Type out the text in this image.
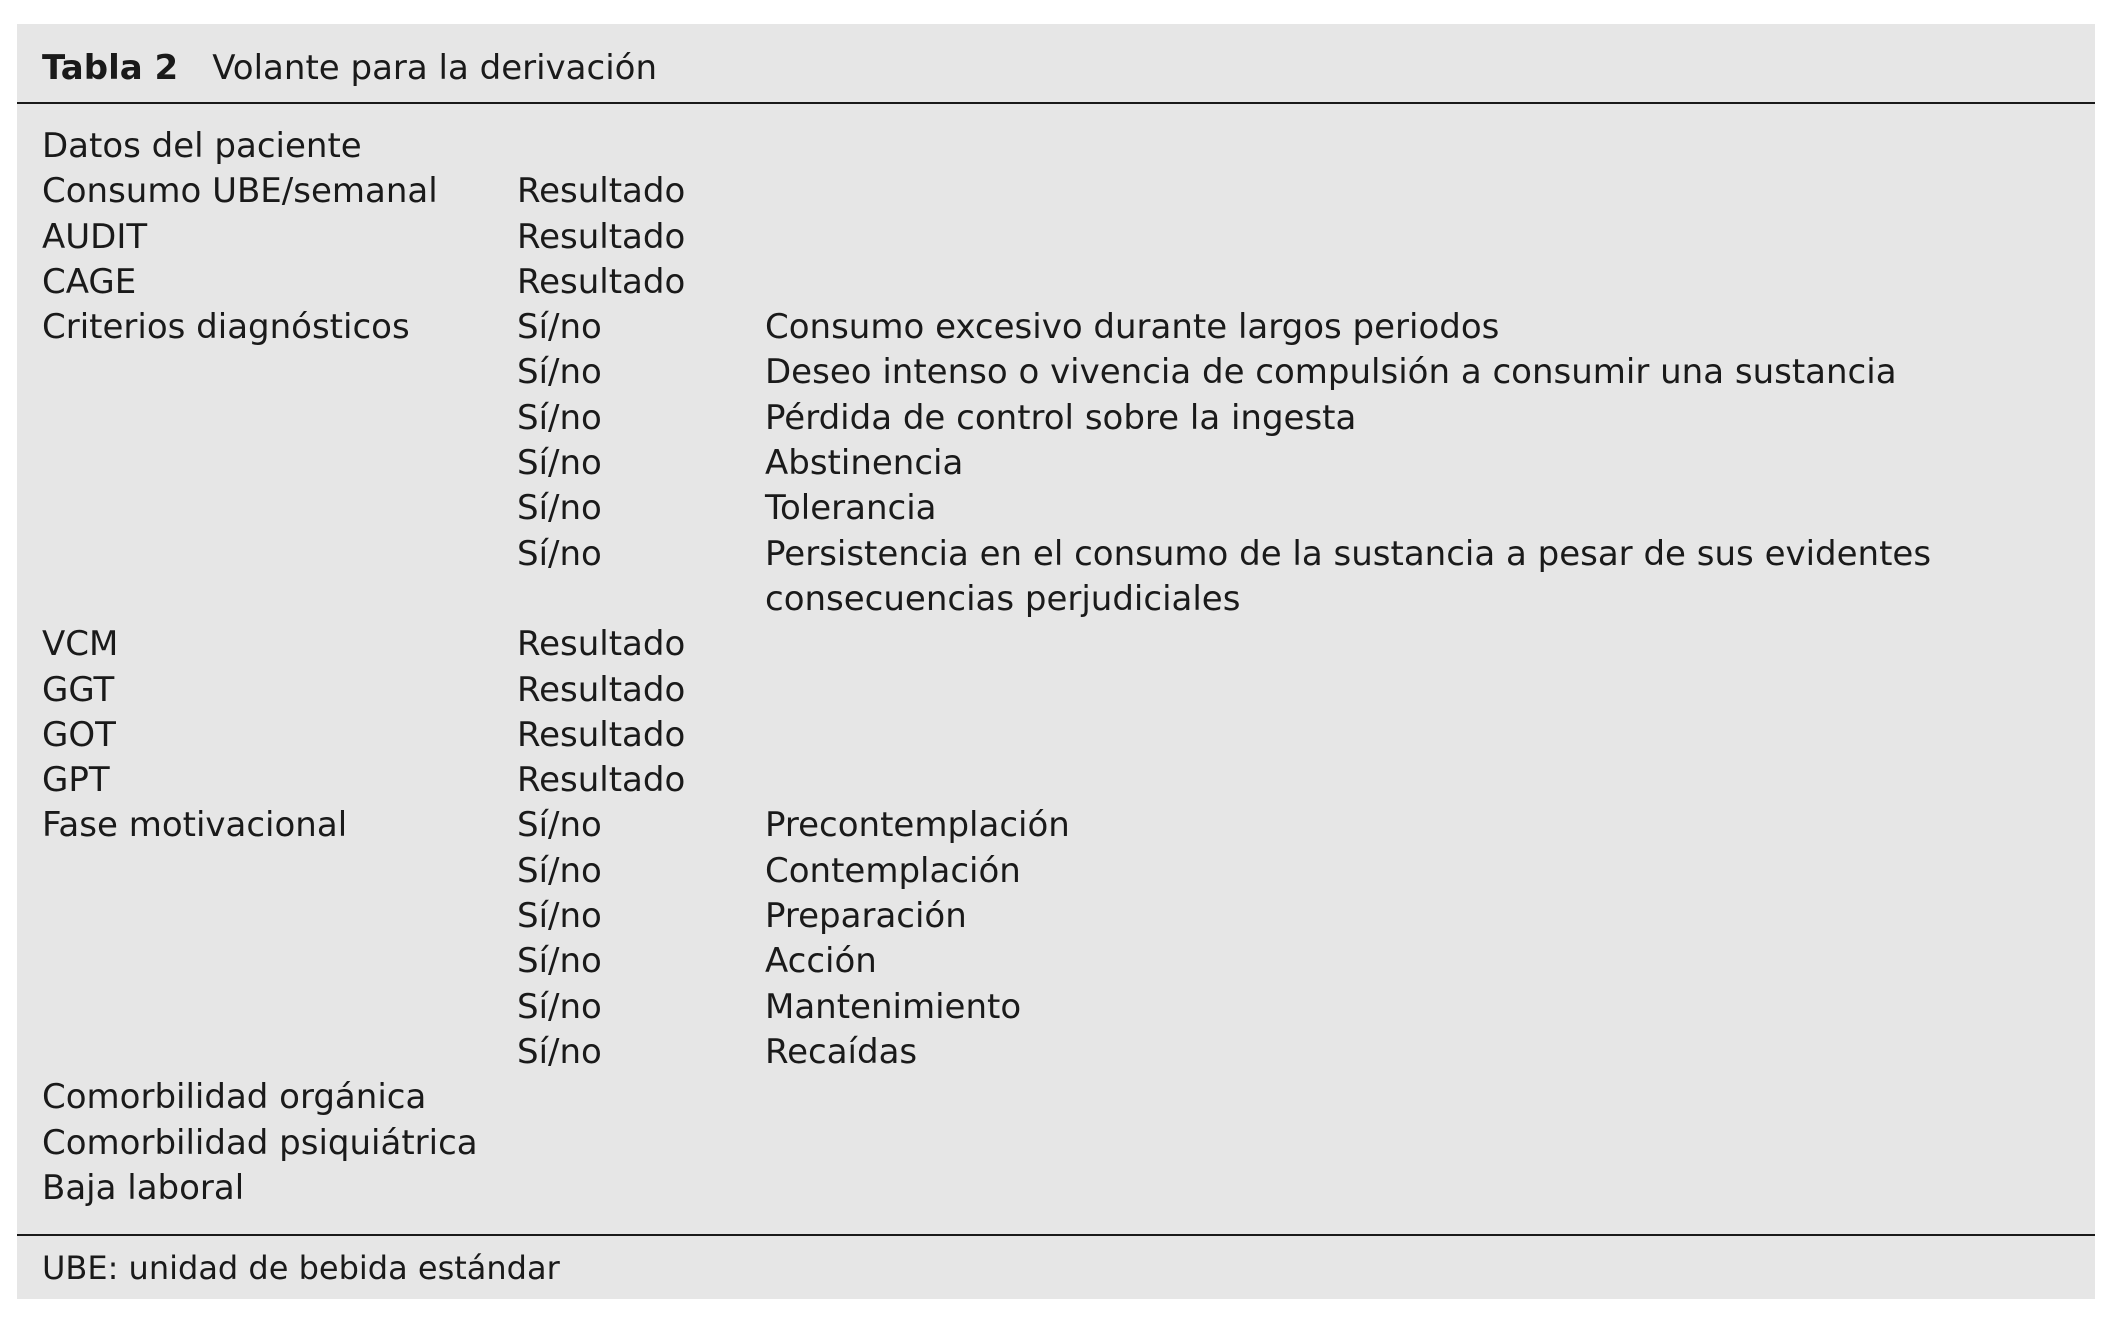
Tabla 2 Volante para la derivación
Datos del paciente
Consumo UBE/semanal	Resultado
AUDIT	Resultado
CAGE	Resultado
Criterios diagnósticos	Sí/no	Consumo excesivo durante largos periodos
Sí/no	Deseo intenso o vivencia de compulsión a consumir una sustancia
Sí/no	Pérdida de control sobre la ingesta
Sí/no	Abstinencia
Sí/no	Tolerancia
Sí/no	Persistencia en el consumo de la sustancia a pesar de sus evidentes
consecuencias perjudiciales
VCM	Resultado
GGT	Resultado
GOT	Resultado
GPT	Resultado
Fase motivacional	Sí/no	Precontemplación
Sí/no	Contemplación
Sí/no	Preparación
Sí/no	Acción
Sí/no	Mantenimiento
Sí/no	Recaídas
Comorbilidad orgánica
Comorbilidad psiquiátrica
Baja laboral
UBE: unidad de bebida estándar
